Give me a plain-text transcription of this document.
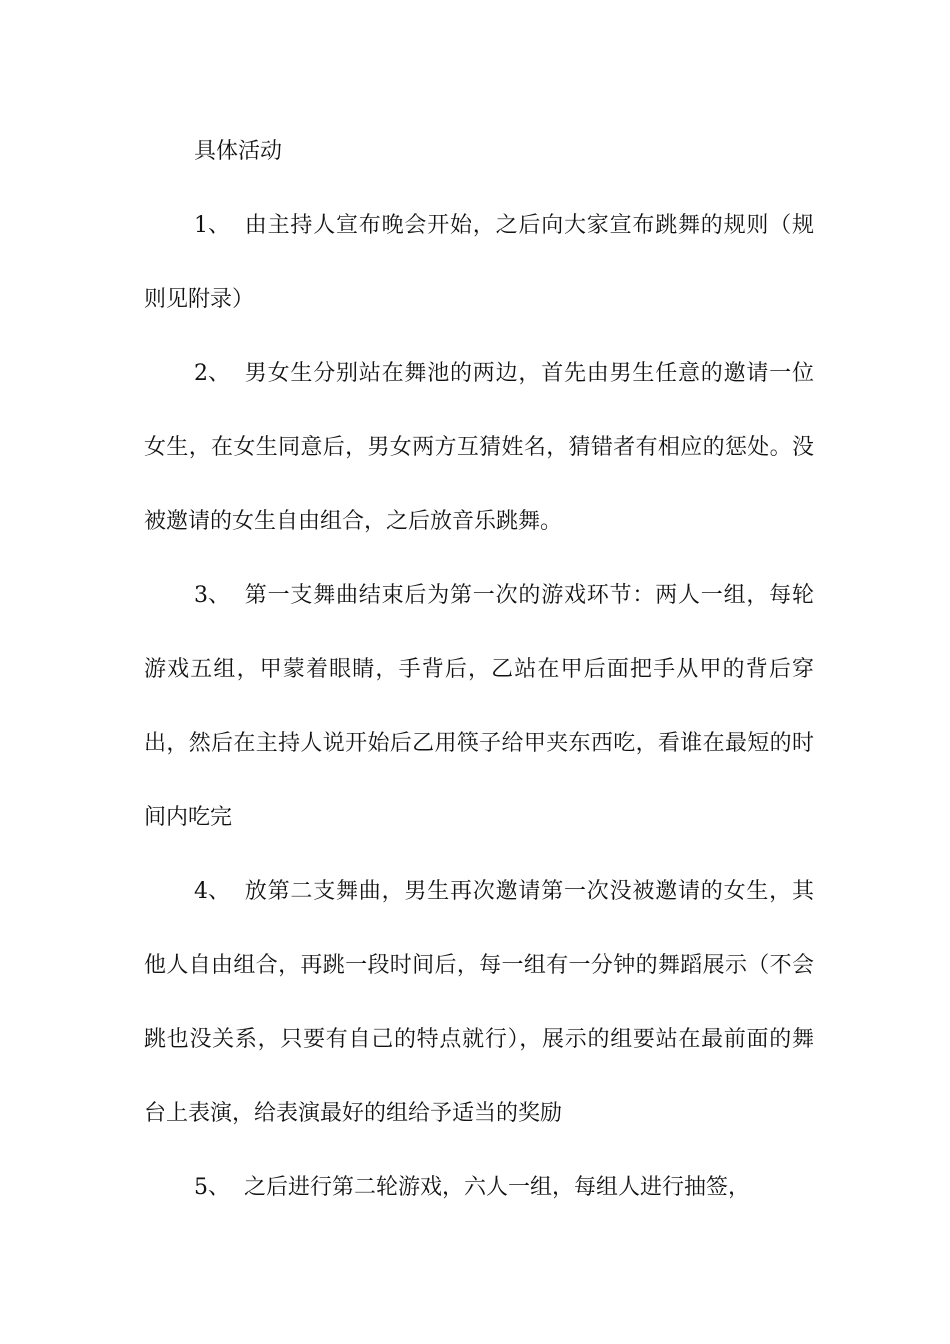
具体活动

1、 由主持人宣布晚会开始，之后向大家宣布跳舞的规则（规则见附录）

2、 男女生分别站在舞池的两边，首先由男生任意的邀请一位女生，在女生同意后，男女两方互猜姓名，猜错者有相应的惩处。没被邀请的女生自由组合，之后放音乐跳舞。

3、 第一支舞曲结束后为第一次的游戏环节：两人一组，每轮游戏五组，甲蒙着眼睛，手背后，乙站在甲后面把手从甲的背后穿出，然后在主持人说开始后乙用筷子给甲夹东西吃，看谁在最短的时间内吃完

4、 放第二支舞曲，男生再次邀请第一次没被邀请的女生，其他人自由组合，再跳一段时间后，每一组有一分钟的舞蹈展示（不会跳也没关系，只要有自己的特点就行），展示的组要站在最前面的舞台上表演，给表演最好的组给予适当的奖励

5、 之后进行第二轮游戏，六人一组，每组人进行抽签，
